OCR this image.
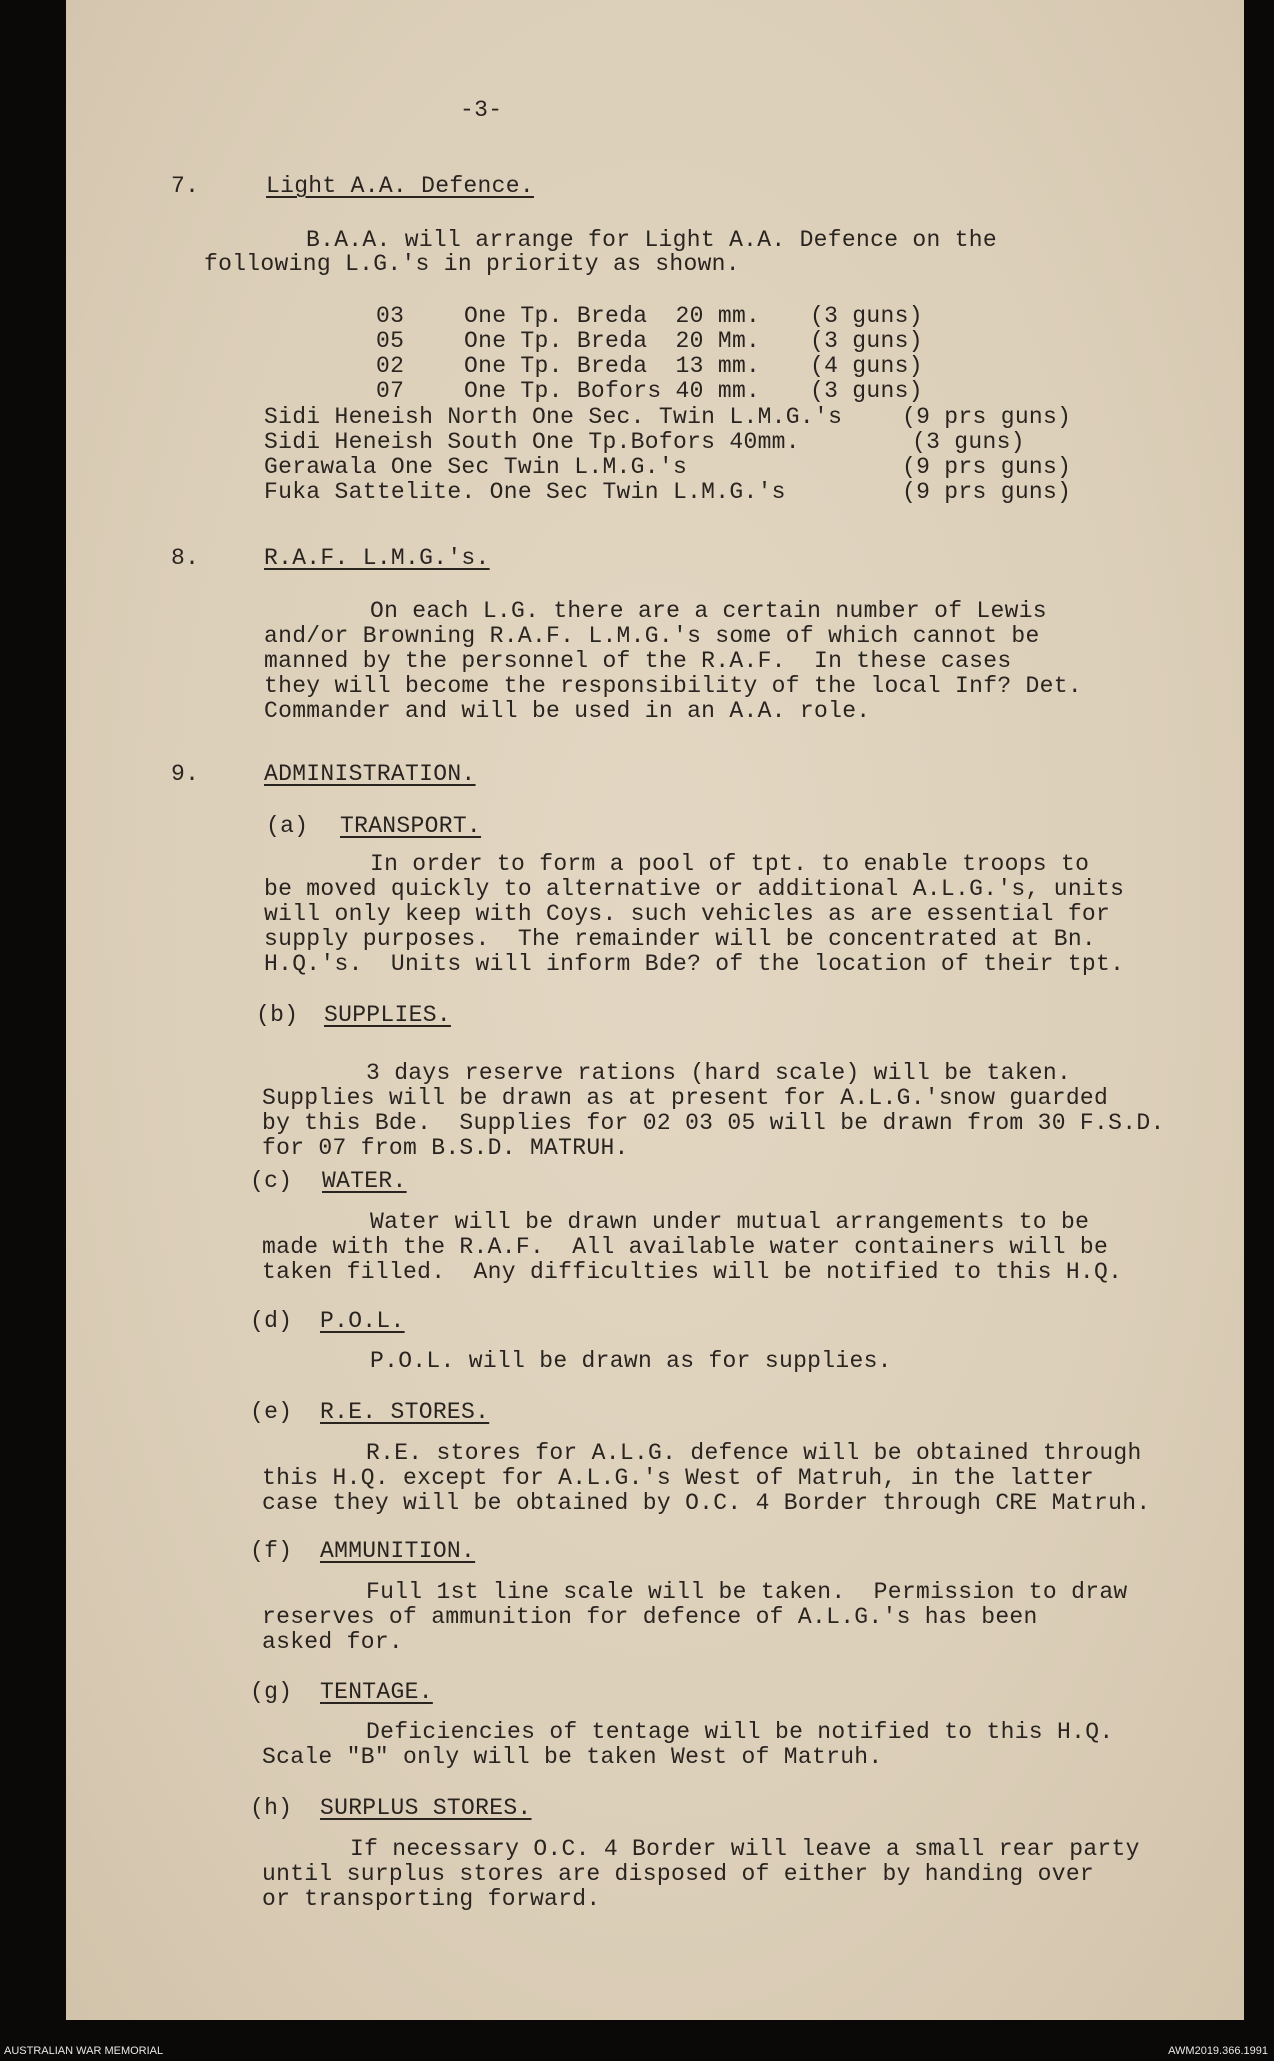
-3-
7.	Light A.A. Defence.
B.A.A. will arrange for Light A.A. Defence on the
following L.G.'s in priority as shown.
03	One Tp. Breda  20 mm. (3 guns)
05	One Tp. Breda  20 Mm. (3 guns)
02	One Tp. Breda  13 mm. (4 guns)
07	One Tp. Bofors 40 mm. (3 guns)
Sidi Heneish North One Sec. Twin L.M.G.'s	(9 prs guns)
Sidi Heneish South One Tp.Bofors 40mm.	(3 guns)
Gerawala One Sec Twin L.M.G.'s	(9 prs guns)
Fuka Sattelite. One Sec Twin L.M.G.'s	(9 prs guns)
8.	R.A.F. L.M.G.'s.
On each L.G. there are a certain number of Lewis
and/or Browning R.A.F. L.M.G.'s some of which cannot be
manned by the personnel of the R.A.F.  In these cases
they will become the responsibility of the local Inf? Det.
Commander and will be used in an A.A. role.
9.	ADMINISTRATION.
(a) TRANSPORT.
In order to form a pool of tpt. to enable troops to
be moved quickly to alternative or additional A.L.G.'s, units
will only keep with Coys. such vehicles as are essential for
supply purposes.  The remainder will be concentrated at Bn.
H.Q.'s.  Units will inform Bde? of the location of their tpt.
(b) SUPPLIES.
3 days reserve rations (hard scale) will be taken.
Supplies will be drawn as at present for A.L.G.'snow guarded
by this Bde.  Supplies for 02 03 05 will be drawn from 30 F.S.D.
for 07 from B.S.D. MATRUH.
(c) WATER.
Water will be drawn under mutual arrangements to be
made with the R.A.F.  All available water containers will be
taken filled.  Any difficulties will be notified to this H.Q.
(d) P.O.L.
P.O.L. will be drawn as for supplies.
(e) R.E. STORES.
R.E. stores for A.L.G. defence will be obtained through
this H.Q. except for A.L.G.'s West of Matruh, in the latter
case they will be obtained by O.C. 4 Border through CRE Matruh.
(f) AMMUNITION.
Full 1st line scale will be taken.  Permission to draw
reserves of ammunition for defence of A.L.G.'s has been
asked for.
(g) TENTAGE.
Deficiencies of tentage will be notified to this H.Q.
Scale "B" only will be taken West of Matruh.
(h) SURPLUS STORES.
If necessary O.C. 4 Border will leave a small rear party
until surplus stores are disposed of either by handing over
or transporting forward.
AUSTRALIAN WAR MEMORIAL	AWM2019.366.1991
